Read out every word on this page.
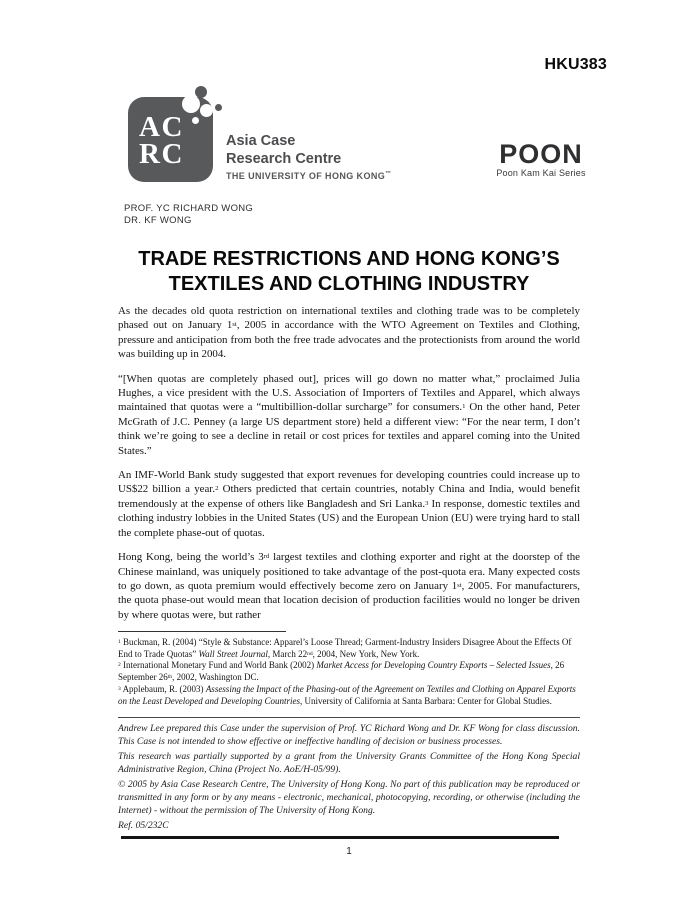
HKU383
AC
RC	Asia Case
Research Centre
THE UNIVERSITY OF HONG KONG™
POON
Poon Kam Kai Series
PROF. YC RICHARD WONG
DR. KF WONG
TRADE RESTRICTIONS AND HONG KONG’S
TEXTILES AND CLOTHING INDUSTRY

As the decades old quota restriction on international textiles and clothing trade was to be completely phased out on January 1st, 2005 in accordance with the WTO Agreement on Textiles and Clothing, pressure and anticipation from both the free trade advocates and the protectionists from around the world was building up in 2004.

“[When quotas are completely phased out], prices will go down no matter what,” proclaimed Julia Hughes, a vice president with the U.S. Association of Importers of Textiles and Apparel, which always maintained that quotas were a “multibillion-dollar surcharge” for consumers.$^1$ On the other hand, Peter McGrath of J.C. Penney (a large US department store) held a different view: “For the near term, I don’t think we’re going to see a decline in retail or cost prices for textiles and apparel coming into the United States.”

An IMF-World Bank study suggested that export revenues for developing countries could increase up to US$22 billion a year.$^2$ Others predicted that certain countries, notably China and India, would benefit tremendously at the expense of others like Bangladesh and Sri Lanka.$^3$ In response, domestic textiles and clothing industry lobbies in the United States (US) and the European Union (EU) were trying hard to stall the complete phase-out of quotas.

Hong Kong, being the world’s 3rd largest textiles and clothing exporter and right at the doorstep of the Chinese mainland, was uniquely positioned to take advantage of the post-quota era. Many expected costs to go down, as quota premium would effectively become zero on January 1st, 2005. For manufacturers, the quota phase-out would mean that location decision of production facilities would no longer be driven by where quotas were, but rather

$^1$ Buckman, R. (2004) “Style & Substance: Apparel’s Loose Thread; Garment-Industry Insiders Disagree About the Effects Of End to Trade Quotas” Wall Street Journal, March 22nd, 2004, New York, New York.
$^2$ International Monetary Fund and World Bank (2002) Market Access for Developing Country Exports – Selected Issues, 26 September 26th, 2002, Washington DC.
$^3$ Applebaum, R. (2003) Assessing the Impact of the Phasing-out of the Agreement on Textiles and Clothing on Apparel Exports on the Least Developed and Developing Countries, University of California at Santa Barbara: Center for Global Studies.

Andrew Lee prepared this Case under the supervision of Prof. YC Richard Wong and Dr. KF Wong for class discussion. This Case is not intended to show effective or ineffective handling of decision or business processes.

This research was partially supported by a grant from the University Grants Committee of the Hong Kong Special Administrative Region, China (Project No. AoE/H-05/99).

© 2005 by Asia Case Research Centre, The University of Hong Kong. No part of this publication may be reproduced or transmitted in any form or by any means - electronic, mechanical, photocopying, recording, or otherwise (including the Internet) - without the permission of The University of Hong Kong.

Ref. 05/232C

1
